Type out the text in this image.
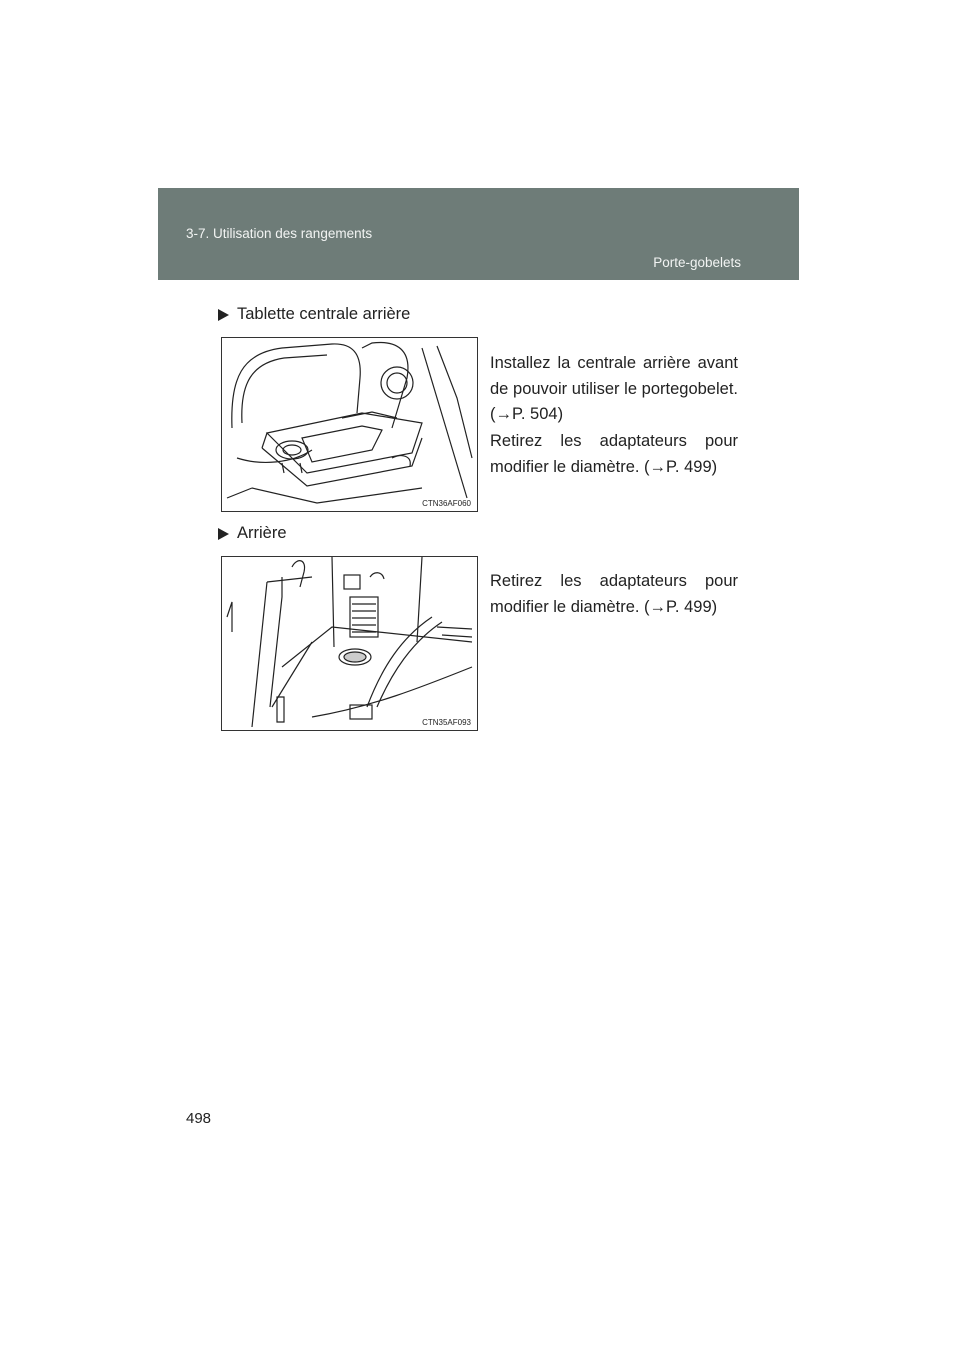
3-7. Utilisation des rangements
Porte-gobelets
Tablette centrale arrière
CTN36AF060

Installez la centrale arrière avant de pouvoir utiliser le portegobelet. (→P. 504)

Retirez les adaptateurs pour modifier le diamètre. (→P. 499)

Arrière
CTN35AF093

Retirez les adaptateurs pour modifier le diamètre. (→P. 499)

498
